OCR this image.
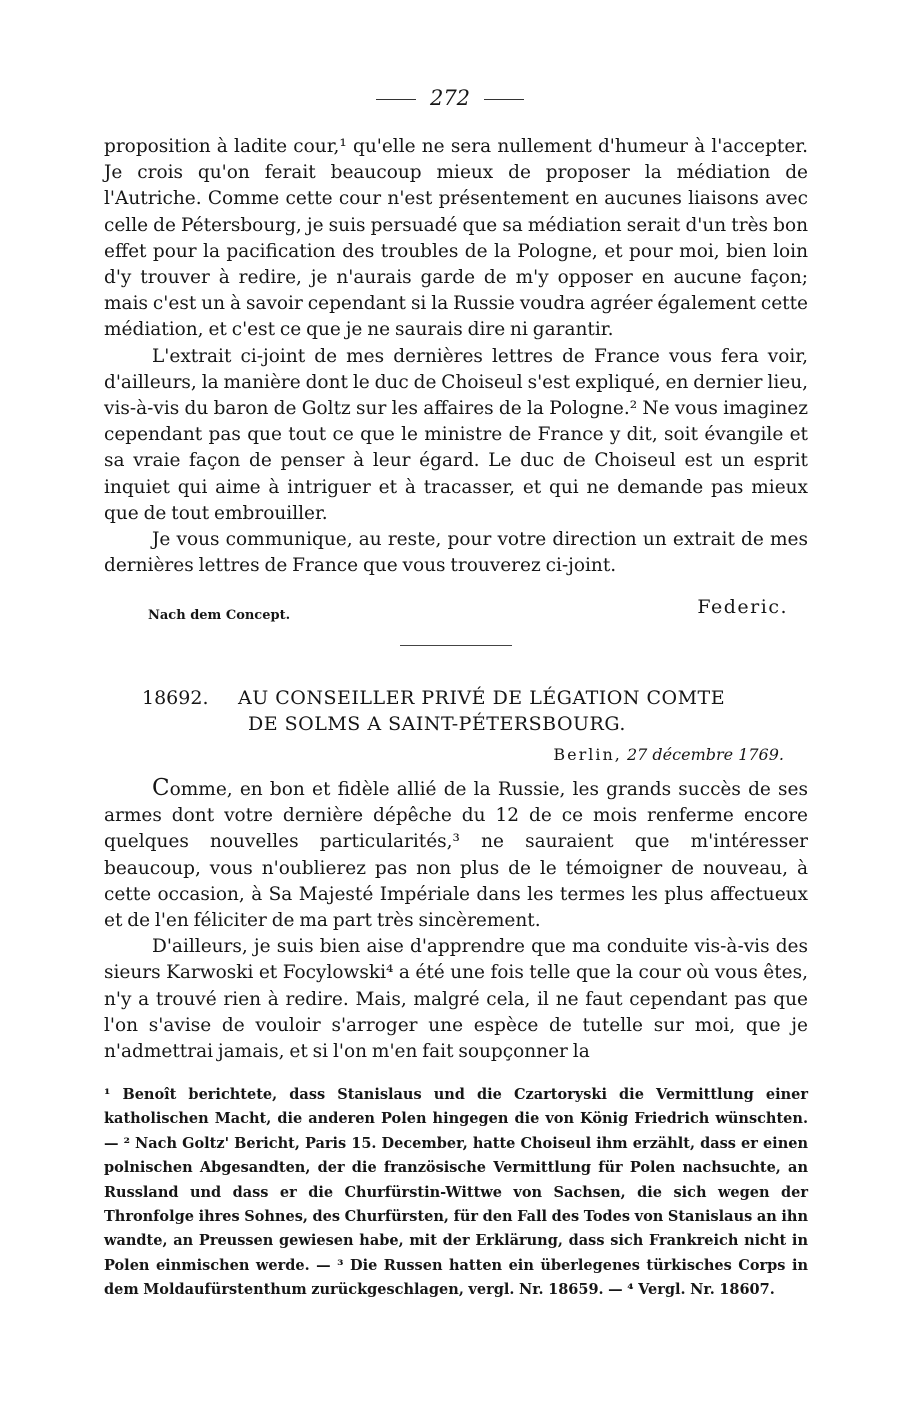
272

proposition à ladite cour,¹ qu'elle ne sera nullement d'humeur à l'accepter. Je crois qu'on ferait beaucoup mieux de proposer la médiation de l'Autriche. Comme cette cour n'est présentement en aucunes liaisons avec celle de Pétersbourg, je suis persuadé que sa médiation serait d'un très bon effet pour la pacification des troubles de la Pologne, et pour moi, bien loin d'y trouver à redire, je n'aurais garde de m'y opposer en aucune façon; mais c'est un à savoir cependant si la Russie voudra agréer également cette médiation, et c'est ce que je ne saurais dire ni garantir.

L'extrait ci-joint de mes dernières lettres de France vous fera voir, d'ailleurs, la manière dont le duc de Choiseul s'est expliqué, en dernier lieu, vis-à-vis du baron de Goltz sur les affaires de la Pologne.² Ne vous imaginez cependant pas que tout ce que le ministre de France y dit, soit évangile et sa vraie façon de penser à leur égard. Le duc de Choiseul est un esprit inquiet qui aime à intriguer et à tracasser, et qui ne demande pas mieux que de tout embrouiller.

Je vous communique, au reste, pour votre direction un extrait de mes dernières lettres de France que vous trouverez ci-joint.

Nach dem Concept.	Federic.
18692. AU CONSEILLER PRIVÉ DE LÉGATION COMTE
DE SOLMS A SAINT-PÉTERSBOURG.
Berlin, 27 décembre 1769.

Comme, en bon et fidèle allié de la Russie, les grands succès de ses armes dont votre dernière dépêche du 12 de ce mois renferme encore quelques nouvelles particularités,³ ne sauraient que m'intéresser beaucoup, vous n'oublierez pas non plus de le témoigner de nouveau, à cette occasion, à Sa Majesté Impériale dans les termes les plus affectueux et de l'en féliciter de ma part très sincèrement.

D'ailleurs, je suis bien aise d'apprendre que ma conduite vis-à-vis des sieurs Karwoski et Focylowski⁴ a été une fois telle que la cour où vous êtes, n'y a trouvé rien à redire. Mais, malgré cela, il ne faut cependant pas que l'on s'avise de vouloir s'arroger une espèce de tutelle sur moi, que je n'admettrai jamais, et si l'on m'en fait soupçonner la

¹ Benoît berichtete, dass Stanislaus und die Czartoryski die Vermittlung einer katholischen Macht, die anderen Polen hingegen die von König Friedrich wünschten. — ² Nach Goltz' Bericht, Paris 15. December, hatte Choiseul ihm erzählt, dass er einen polnischen Abgesandten, der die französische Vermittlung für Polen nachsuchte, an Russland und dass er die Churfürstin-Wittwe von Sachsen, die sich wegen der Thronfolge ihres Sohnes, des Churfürsten, für den Fall des Todes von Stanislaus an ihn wandte, an Preussen gewiesen habe, mit der Erklärung, dass sich Frankreich nicht in Polen einmischen werde. — ³ Die Russen hatten ein überlegenes türkisches Corps in dem Moldaufürstenthum zurückgeschlagen, vergl. Nr. 18659. — ⁴ Vergl. Nr. 18607.
